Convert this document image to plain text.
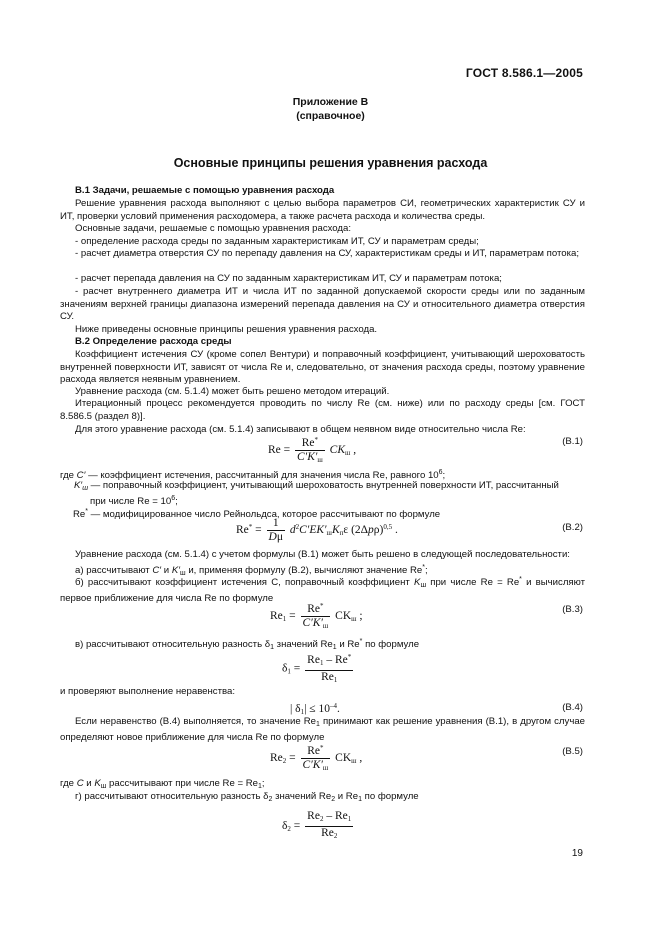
ГОСТ 8.586.1—2005
Приложение В
(справочное)
Основные принципы решения уравнения расхода
В.1 Задачи, решаемые с помощью уравнения расхода
Решение уравнения расхода выполняют с целью выбора параметров СИ, геометрических характеристик СУ и ИТ, проверки условий применения расходомера, а также расчета расхода и количества среды.
Основные задачи, решаемые с помощью уравнения расхода:
- определение расхода среды по заданным характеристикам ИТ, СУ и параметрам среды;
- расчет диаметра отверстия СУ по перепаду давления на СУ, характеристикам среды и ИТ, параметрам потока;
- расчет перепада давления на СУ по заданным характеристикам ИТ, СУ и параметрам потока;
- расчет внутреннего диаметра ИТ и числа ИТ по заданной допускаемой скорости среды или по заданным значениям верхней границы диапазона измерений перепада давления на СУ и относительного диаметра отверстия СУ.
Ниже приведены основные принципы решения уравнения расхода.
В.2 Определение расхода среды
Коэффициент истечения СУ (кроме сопел Вентури) и поправочный коэффициент, учитывающий шероховатость внутренней поверхности ИТ, зависят от числа Re и, следовательно, от значения расхода среды, поэтому уравнение расхода является неявным уравнением.
Уравнение расхода (см. 5.1.4) может быть решено методом итераций.
Итерационный процесс рекомендуется проводить по числу Re (см. ниже) или по расходу среды [см. ГОСТ 8.586.5 (раздел 8)].
Для этого уравнение расхода (см. 5.1.4) записывают в общем неявном виде относительно числа Re:
$Re = \frac{Re^*}{C'K'_ш} CK_ш$ ,
(В.1)
где C′ — коэффициент истечения, рассчитанный для значения числа Re, равного $10^6$;
$K'_ш$ — поправочный коэффициент, учитывающий шероховатость внутренней поверхности ИТ, рассчитанный
при числе $Re = 10^6$;
Re* — модифицированное число Рейнольдса, которое рассчитывают по формуле
$Re^* = \frac{1}{D\mu} d^2C'EK'_шK_п\varepsilon$ $(2\Delta p\rho)^{0,5}$ .	(В.2)
Уравнение расхода (см. 5.1.4) с учетом формулы (В.1) может быть решено в следующей последовательности:
а) рассчитывают C′ и $K'_ш$ и, применяя формулу (В.2), вычисляют значение Re*;
б) рассчитывают коэффициент истечения С, поправочный коэффициент $K_ш$ при числе Re = Re* и вычисляют первое приближение для числа Re по формуле
$Re_1 = \frac{Re^*}{C'K'_ш} CK_ш$ ;
(В.3)
в) рассчитывают относительную разность $\delta_1$ значений $Re_1$ и Re* по формуле
$\delta_1 = \frac{Re_1 - Re^*}{Re_1}$
и проверяют выполнение неравенства:
| $\delta_1| \le 10^{-4}$.	(В.4)
Если неравенство (В.4) выполняется, то значение $Re_1$ принимают как решение уравнения (В.1), в другом случае определяют новое приближение для числа Re по формуле
$Re_2 = \frac{Re^*}{C'K'_ш} CK_ш$ ,
(В.5)
где С и $K_ш$ рассчитывают при числе $Re = Re_1$;
г) рассчитывают относительную разность $\delta_2$ значений $Re_2$ и $Re_1$ по формуле
$\delta_2 = \frac{Re_2 - Re_1}{Re_2}$
19
